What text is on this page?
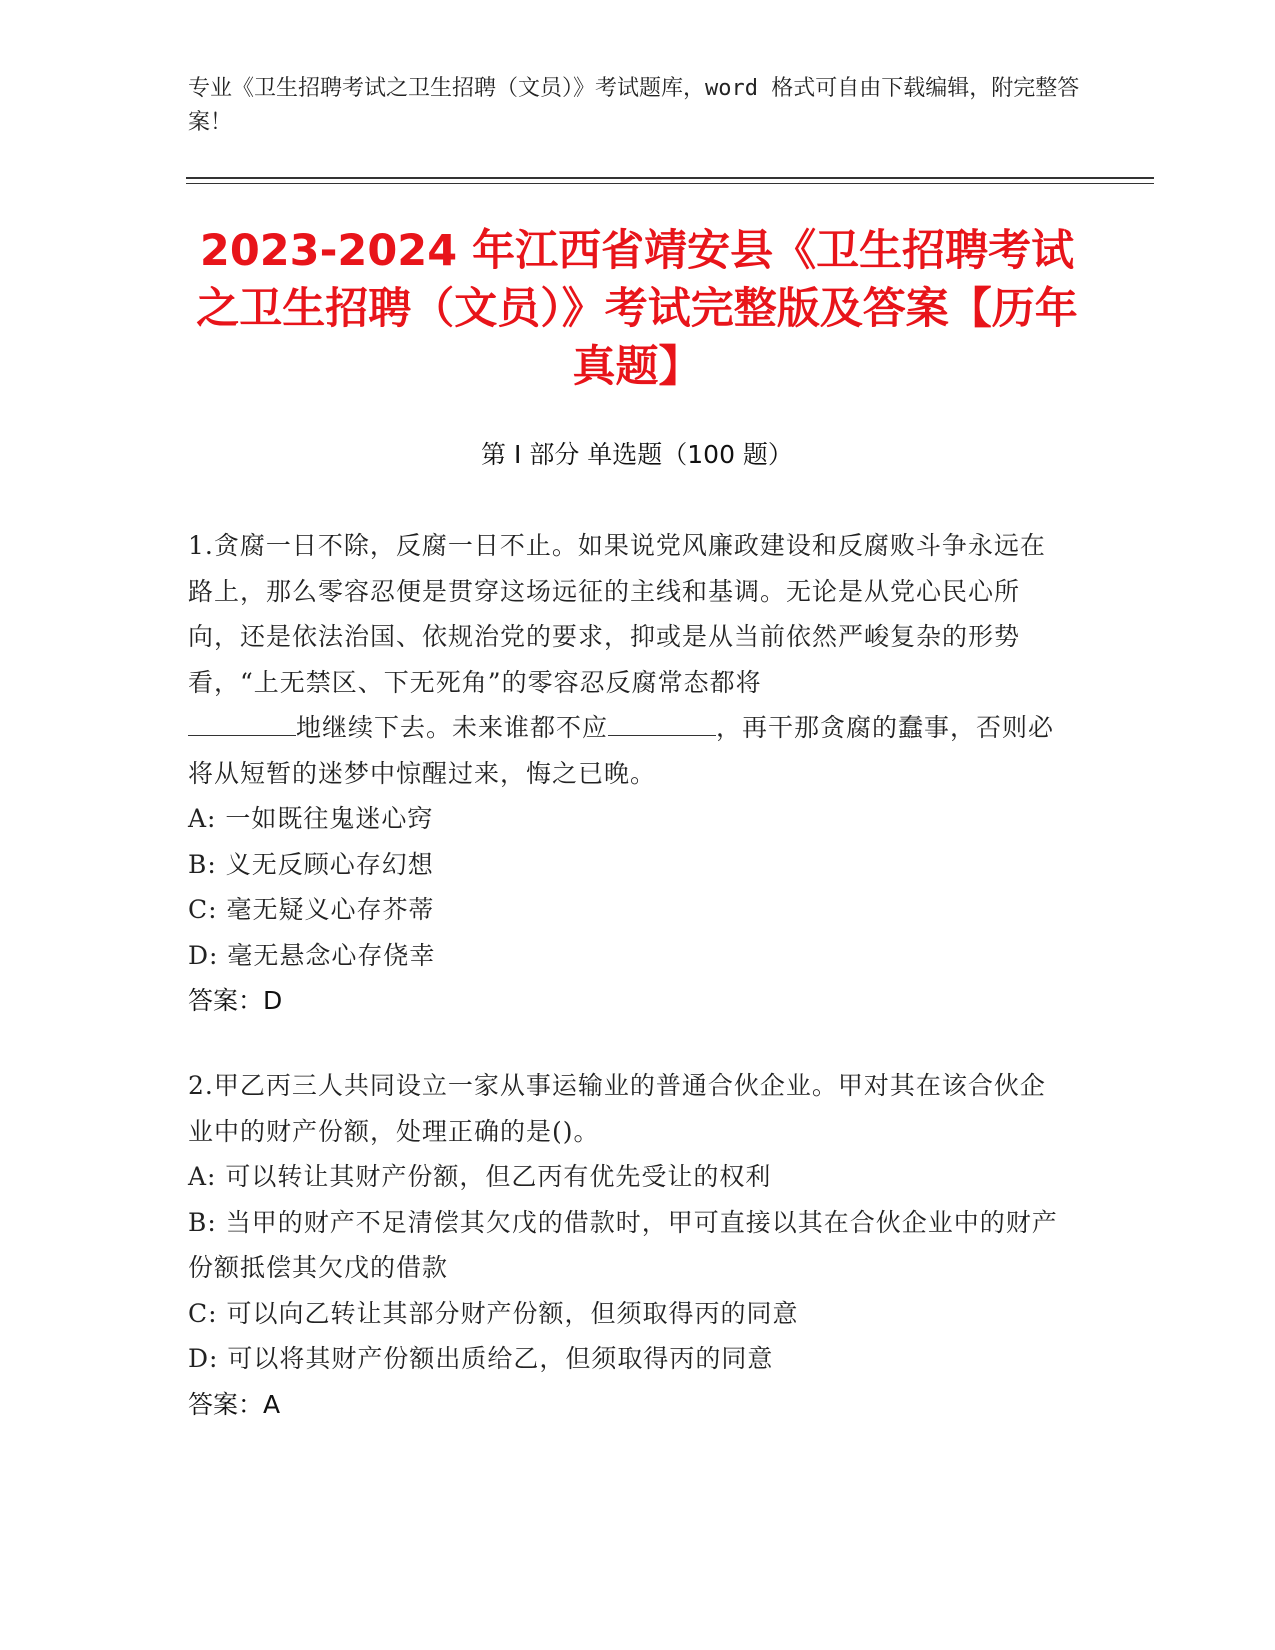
专业《卫生招聘考试之卫生招聘（文员）》考试题库，word 格式可自由下载编辑，附完整答案！
2023-2024 年江西省靖安县《卫生招聘考试之卫生招聘（文员）》考试完整版及答案【历年真题】
第 I 部分 单选题（100 题）

1.贪腐一日不除，反腐一日不止。如果说党风廉政建设和反腐败斗争永远在路上，那么零容忍便是贯穿这场远征的主线和基调。无论是从党心民心所向，还是依法治国、依规治党的要求，抑或是从当前依然严峻复杂的形势看，“上无禁区、下无死角”的零容忍反腐常态都将
地继续下去。未来谁都不应	，再干那贪腐的蠢事，否则必将从短暂的迷梦中惊醒过来，悔之已晚。

A: 一如既往鬼迷心窍

B: 义无反顾心存幻想

C: 毫无疑义心存芥蒂

D: 毫无悬念心存侥幸

答案：D

2.甲乙丙三人共同设立一家从事运输业的普通合伙企业。甲对其在该合伙企业中的财产份额，处理正确的是()。

A: 可以转让其财产份额，但乙丙有优先受让的权利

B: 当甲的财产不足清偿其欠戊的借款时，甲可直接以其在合伙企业中的财产份额抵偿其欠戊的借款

C: 可以向乙转让其部分财产份额，但须取得丙的同意

D: 可以将其财产份额出质给乙，但须取得丙的同意

答案：A
